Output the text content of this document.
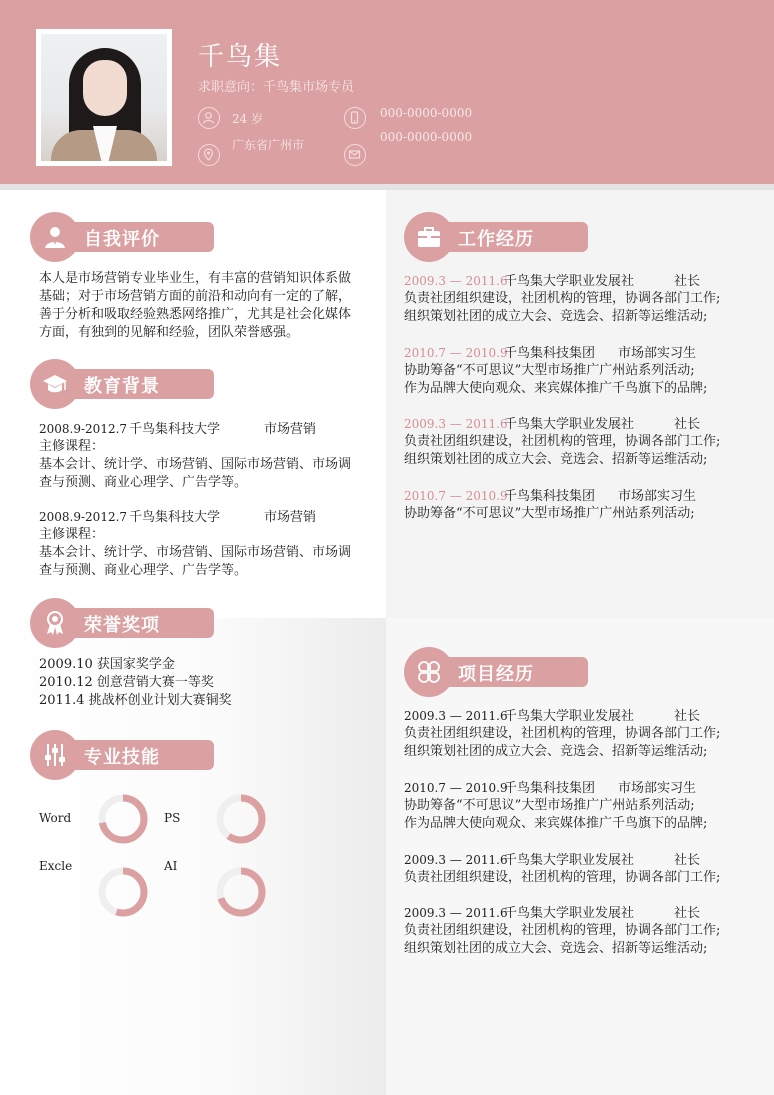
千鸟集
求职意向：千鸟集市场专员
24 岁
广东省广州市
000-0000-0000
000-0000-0000
自我评价
本人是市场营销专业毕业生，有丰富的营销知识体系做
基础；对于市场营销方面的前沿和动向有一定的了解，
善于分析和吸取经验熟悉网络推广，尤其是社会化媒体
方面，有独到的见解和经验，团队荣誉感强。
教育背景
2008.9-2012.7 千鸟集科技大学	市场营销
主修课程：
基本会计、统计学、市场营销、国际市场营销、市场调
查与预测、商业心理学、广告学等。
2008.9-2012.7 千鸟集科技大学	市场营销
主修课程：
基本会计、统计学、市场营销、国际市场营销、市场调
查与预测、商业心理学、广告学等。
荣誉奖项
2009.10 获国家奖学金
2010.12 创意营销大赛一等奖
2011.4 挑战杯创业计划大赛铜奖
专业技能
Word	PS
Excle	AI
工作经历
2009.3 — 2011.6千鸟集大学职业发展社	社长
负责社团组织建设，社团机构的管理，协调各部门工作;
组织策划社团的成立大会、竞选会、招新等运维活动;
2010.7 — 2010.9千鸟集科技集团 市场部实习生
协助筹备“不可思议”大型市场推广广州站系列活动;
作为品牌大使向观众、来宾媒体推广千鸟旗下的品牌;
2009.3 — 2011.6千鸟集大学职业发展社	社长
负责社团组织建设，社团机构的管理，协调各部门工作;
组织策划社团的成立大会、竞选会、招新等运维活动;
2010.7 — 2010.9千鸟集科技集团 市场部实习生
协助筹备“不可思议”大型市场推广广州站系列活动;
项目经历
2009.3 — 2011.6千鸟集大学职业发展社	社长
负责社团组织建设，社团机构的管理，协调各部门工作;
组织策划社团的成立大会、竞选会、招新等运维活动;
2010.7 — 2010.9千鸟集科技集团 市场部实习生
协助筹备“不可思议”大型市场推广广州站系列活动;
作为品牌大使向观众、来宾媒体推广千鸟旗下的品牌;
2009.3 — 2011.6千鸟集大学职业发展社	社长
负责社团组织建设，社团机构的管理，协调各部门工作;
2009.3 — 2011.6千鸟集大学职业发展社	社长
负责社团组织建设，社团机构的管理，协调各部门工作;
组织策划社团的成立大会、竞选会、招新等运维活动;
